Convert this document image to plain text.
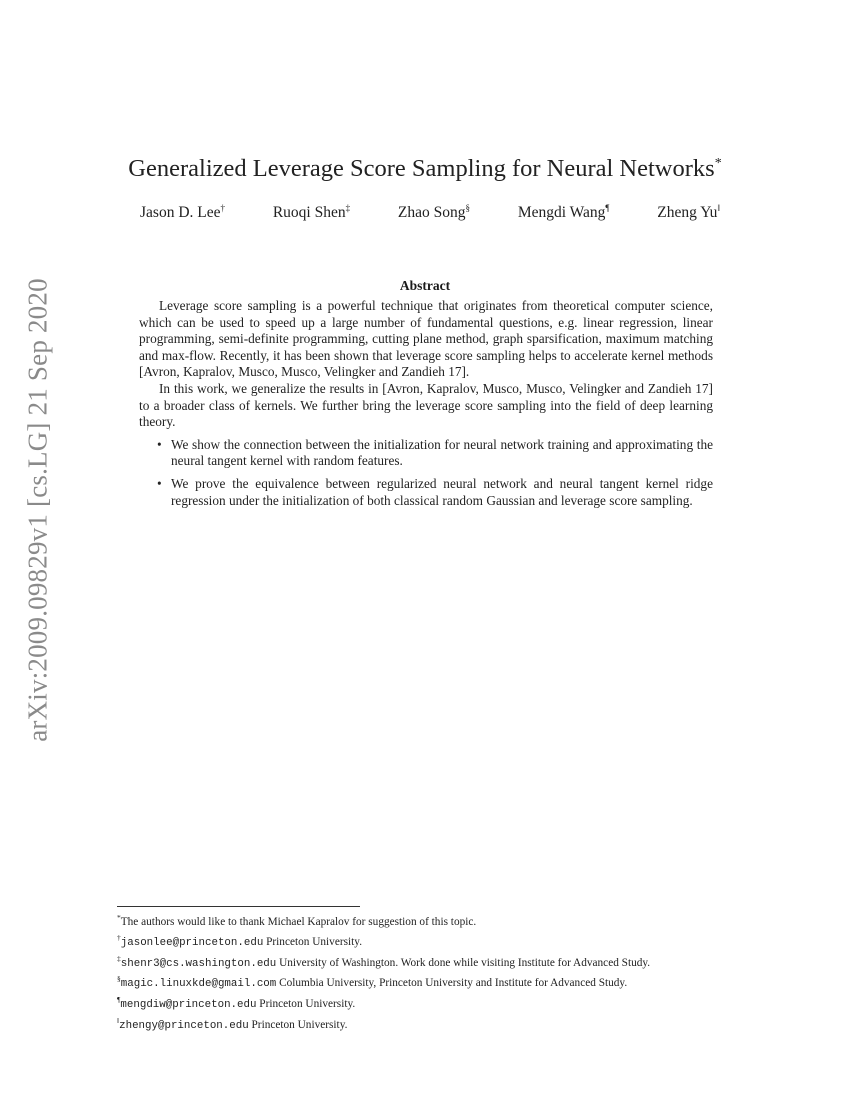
arXiv:2009.09829v1 [cs.LG] 21 Sep 2020
Generalized Leverage Score Sampling for Neural Networks*
Jason D. Lee†	Ruoqi Shen‡	Zhao Song§	Mengdi Wang¶	Zheng Yu‖
Abstract

Leverage score sampling is a powerful technique that originates from theoretical computer science, which can be used to speed up a large number of fundamental questions, e.g. linear regression, linear programming, semi-definite programming, cutting plane method, graph sparsification, maximum matching and max-flow. Recently, it has been shown that leverage score sampling helps to accelerate kernel methods [Avron, Kapralov, Musco, Musco, Velingker and Zandieh 17].

In this work, we generalize the results in [Avron, Kapralov, Musco, Musco, Velingker and Zandieh 17] to a broader class of kernels. We further bring the leverage score sampling into the field of deep learning theory.

• We show the connection between the initialization for neural network training and approximating the neural tangent kernel with random features.
• We prove the equivalence between regularized neural network and neural tangent kernel ridge regression under the initialization of both classical random Gaussian and leverage score sampling.
*The authors would like to thank Michael Kapralov for suggestion of this topic.
†jasonlee@princeton.edu Princeton University.
‡shenr3@cs.washington.edu University of Washington. Work done while visiting Institute for Advanced Study.
§magic.linuxkde@gmail.com Columbia University, Princeton University and Institute for Advanced Study.
¶mengdiw@princeton.edu Princeton University.
‖zhengy@princeton.edu Princeton University.
